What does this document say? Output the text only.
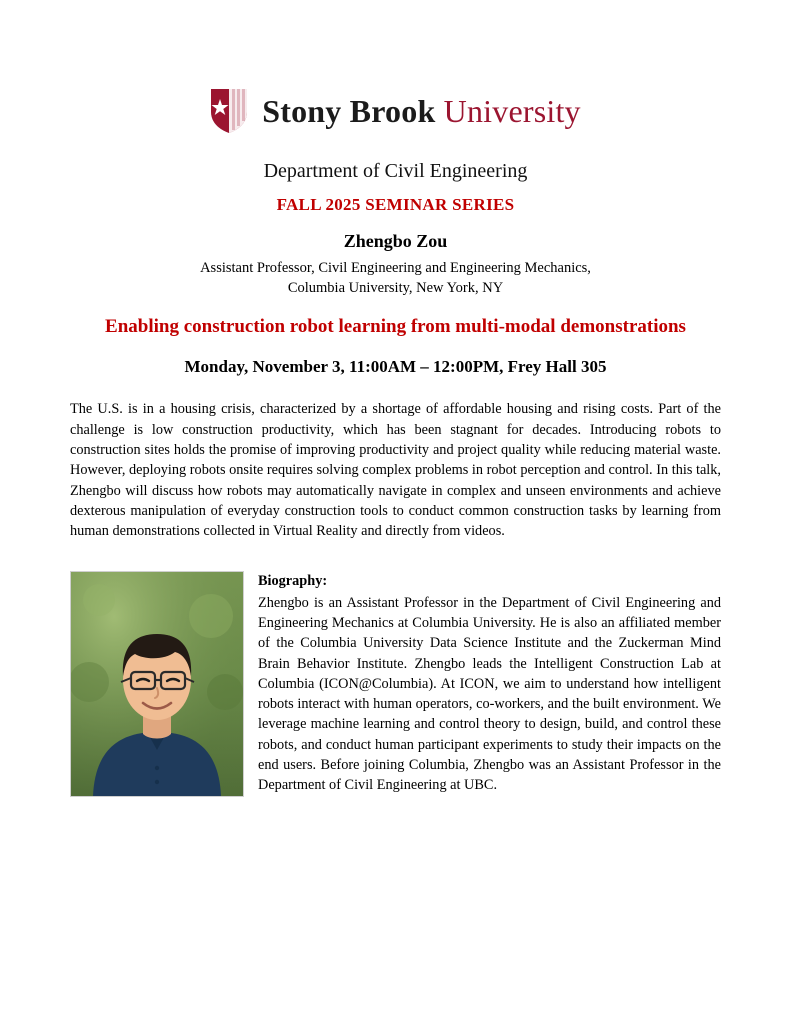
Stony Brook University
Department of Civil Engineering
FALL 2025 SEMINAR SERIES
Zhengbo Zou
Assistant Professor, Civil Engineering and Engineering Mechanics,
Columbia University, New York, NY
Enabling construction robot learning from multi-modal demonstrations
Monday, November 3, 11:00AM – 12:00PM, Frey Hall 305
The U.S. is in a housing crisis, characterized by a shortage of affordable housing and rising costs. Part of the challenge is low construction productivity, which has been stagnant for decades. Introducing robots to construction sites holds the promise of improving productivity and project quality while reducing material waste. However, deploying robots onsite requires solving complex problems in robot perception and control. In this talk, Zhengbo will discuss how robots may automatically navigate in complex and unseen environments and achieve dexterous manipulation of everyday construction tools to conduct common construction tasks by learning from human demonstrations collected in Virtual Reality and directly from videos.
Biography:
Zhengbo is an Assistant Professor in the Department of Civil Engineering and Engineering Mechanics at Columbia University. He is also an affiliated member of the Columbia University Data Science Institute and the Zuckerman Mind Brain Behavior Institute. Zhengbo leads the Intelligent Construction Lab at Columbia (ICON@Columbia). At ICON, we aim to understand how intelligent robots interact with human operators, co-workers, and the built environment. We leverage machine learning and control theory to design, build, and control these robots, and conduct human participant experiments to study their impacts on the end users. Before joining Columbia, Zhengbo was an Assistant Professor in the Department of Civil Engineering at UBC.
